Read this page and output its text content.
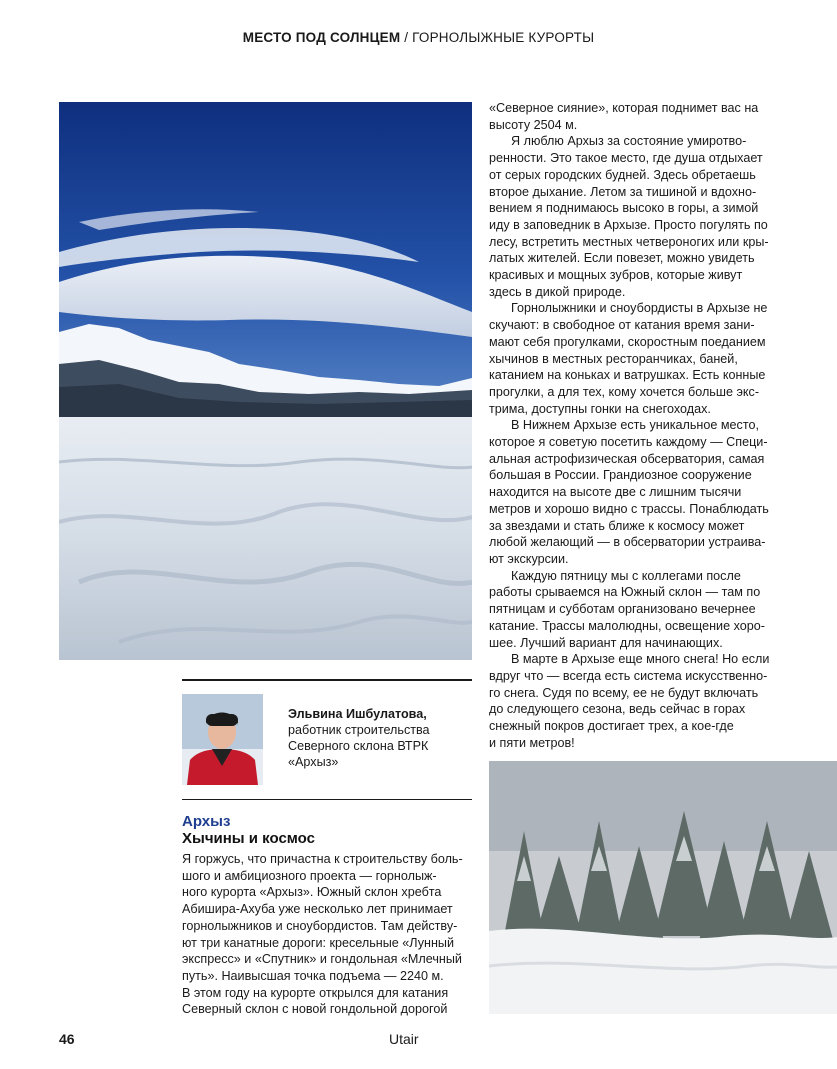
МЕСТО ПОД СОЛНЦЕМ / ГОРНОЛЫЖНЫЕ КУРОРТЫ
Эльвина Ишбулатова,
работник строительства
Северного склона ВТРК
«Архыз»
Архыз
Хычины и космос
Я горжусь, что причастна к строительству боль-
шого и амбициозного проекта — горнолыж-
ного курорта «Архыз». Южный склон хребта
Абишира-Ахуба уже несколько лет принимает
горнолыжников и сноубордистов. Там действу-
ют три канатные дороги: кресельные «Лунный
экспресс» и «Спутник» и гондольная «Млечный
путь». Наивысшая точка подъема — 2240 м.
В этом году на курорте открылся для катания
Северный склон с новой гондольной дорогой
«Северное сияние», которая поднимет вас на
высоту 2504 м.
Я люблю Архыз за состояние умиротво-
ренности. Это такое место, где душа отдыхает
от серых городских будней. Здесь обретаешь
второе дыхание. Летом за тишиной и вдохно-
вением я поднимаюсь высоко в горы, а зимой
иду в заповедник в Архызе. Просто погулять по
лесу, встретить местных четвероногих или кры-
латых жителей. Если повезет, можно увидеть
красивых и мощных зубров, которые живут
здесь в дикой природе.
Горнолыжники и сноубордисты в Архызе не
скучают: в свободное от катания время зани-
мают себя прогулками, скоростным поеданием
хычинов в местных ресторанчиках, баней,
катанием на коньках и ватрушках. Есть конные
прогулки, а для тех, кому хочется больше экс-
трима, доступны гонки на снегоходах.
В Нижнем Архызе есть уникальное место,
которое я советую посетить каждому — Специ-
альная астрофизическая обсерватория, самая
большая в России. Грандиозное сооружение
находится на высоте две с лишним тысячи
метров и хорошо видно с трассы. Понаблюдать
за звездами и стать ближе к космосу может
любой желающий — в обсерватории устраива-
ют экскурсии.
Каждую пятницу мы с коллегами после
работы срываемся на Южный склон — там по
пятницам и субботам организовано вечернее
катание. Трассы малолюдны, освещение хоро-
шее. Лучший вариант для начинающих.
В марте в Архызе еще много снега! Но если
вдруг что — всегда есть система искусственно-
го снега. Судя по всему, ее не будут включать
до следующего сезона, ведь сейчас в горах
снежный покров достигает трех, а кое-где
и пяти метров!
46	Utair
